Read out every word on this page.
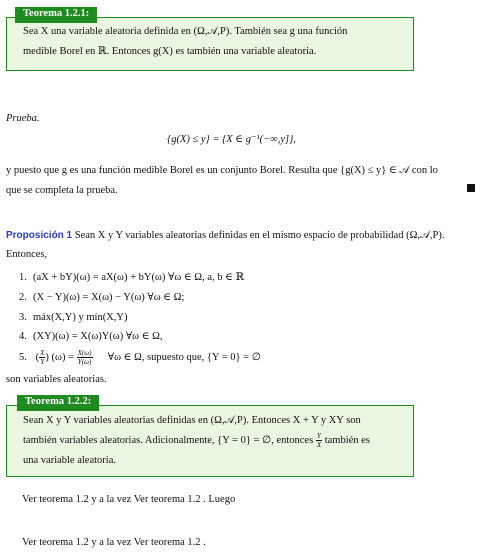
Sea X una variable aleatoria definida en (Ω,𝒜,P). También sea g una función
medible Borel en ℝ. Entonces g(X) es también una variable aleatoria.
Teorema 1.2.1:
Prueba.
{g(X) ≤ y} = {X ∈ g⁻¹(−∞,y]},
y puesto que g es una función medible Borel es un conjunto Borel. Resulta que {g(X) ≤ y} ∈ 𝒜 con lo
que se completa la prueba.
Proposición 1 Sean X y Y variables aleatorias definidas en el mismo espacio de probabilidad (Ω,𝒜,P).
Entonces,
1. (aX + bY)(ω) = aX(ω) + bY(ω) ∀ω ∈ Ω, a, b ∈ ℝ
2. (X − Y)(ω) = X(ω) − Y(ω) ∀ω ∈ Ω;
3. máx(X,Y) y mín(X,Y)
4. (XY)(ω) = X(ω)Y(ω) ∀ω ∈ Ω,
5. ( $\frac{X}{Y}$ ) $(\omega) = \frac{X(\omega)}{Y(\omega)}$ ∀ω ∈ Ω, supuesto que, {Y = 0} = ∅
son variables aleatorias.
Sean X y Y variables aleatorias definidas en (Ω,𝒜,P). Entonces X + Y y XY son
también variables aleatorias. Adicionalmente, {Y = 0} = ∅, entonces $\frac{Y}{X}$ también es
una variable aleatoria.
Teorema 1.2.2:
Ver teorema 1.2 y a la vez Ver teorema 1.2 . Luego
Ver teorema 1.2 y a la vez Ver teorema 1.2 .
